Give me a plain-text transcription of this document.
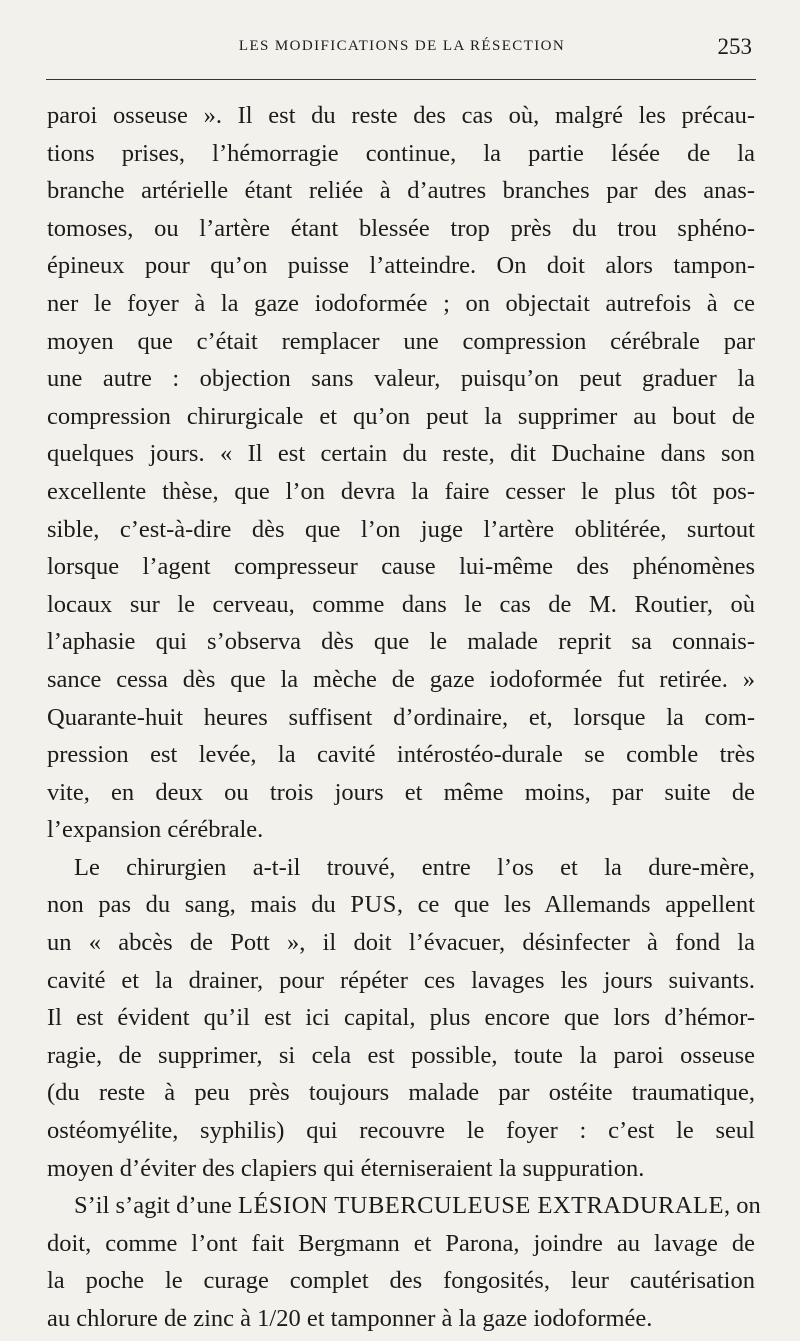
LES MODIFICATIONS DE LA RÉSECTION	253
paroi osseuse ». Il est du reste des cas où, malgré les précau-
tions prises, l’hémorragie continue, la partie lésée de la
branche artérielle étant reliée à d’autres branches par des anas-
tomoses, ou l’artère étant blessée trop près du trou sphéno-
épineux pour qu’on puisse l’atteindre. On doit alors tampon-
ner le foyer à la gaze iodoformée ; on objectait autrefois à ce
moyen que c’était remplacer une compression cérébrale par
une autre : objection sans valeur, puisqu’on peut graduer la
compression chirurgicale et qu’on peut la supprimer au bout de
quelques jours. « Il est certain du reste, dit Duchaine dans son
excellente thèse, que l’on devra la faire cesser le plus tôt pos-
sible, c’est-à-dire dès que l’on juge l’artère oblitérée, surtout
lorsque l’agent compresseur cause lui-même des phénomènes
locaux sur le cerveau, comme dans le cas de M. Routier, où
l’aphasie qui s’observa dès que le malade reprit sa connais-
sance cessa dès que la mèche de gaze iodoformée fut retirée. »
Quarante-huit heures suffisent d’ordinaire, et, lorsque la com-
pression est levée, la cavité intérostéo-durale se comble très
vite, en deux ou trois jours et même moins, par suite de
l’expansion cérébrale.
Le chirurgien a-t-il trouvé, entre l’os et la dure-mère,
non pas du sang, mais du PUS, ce que les Allemands appellent
un « abcès de Pott », il doit l’évacuer, désinfecter à fond la
cavité et la drainer, pour répéter ces lavages les jours suivants.
Il est évident qu’il est ici capital, plus encore que lors d’hémor-
ragie, de supprimer, si cela est possible, toute la paroi osseuse
(du reste à peu près toujours malade par ostéite traumatique,
ostéomyélite, syphilis) qui recouvre le foyer : c’est le seul
moyen d’éviter des clapiers qui éterniseraient la suppuration.
S’il s’agit d’une LÉSION TUBERCULEUSE EXTRADURALE, on
doit, comme l’ont fait Bergmann et Parona, joindre au lavage de
la poche le curage complet des fongosités, leur cautérisation
au chlorure de zinc à 1/20 et tamponner à la gaze iodoformée.
